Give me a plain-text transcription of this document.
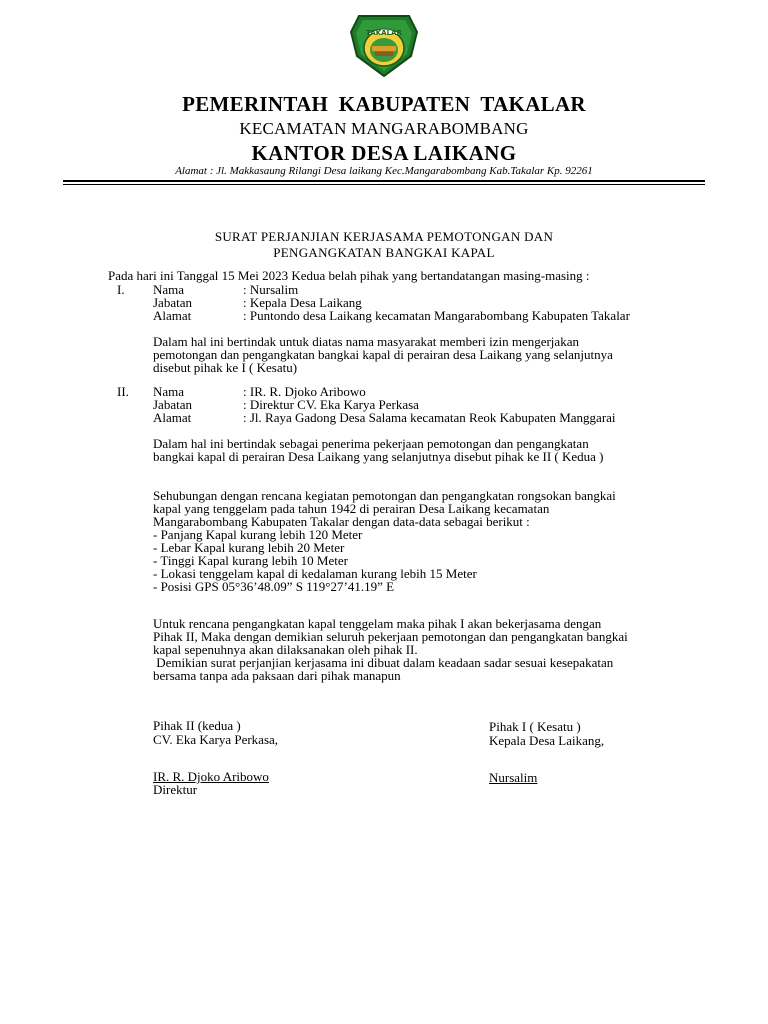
TAKALAR
PEMERINTAH KABUPATEN TAKALAR
KECAMATAN MANGARABOMBANG
KANTOR DESA LAIKANG
Alamat : Jl. Makkasaung Rilangi Desa laikang Kec.Mangarabombang Kab.Takalar Kp. 92261
SURAT PERJANJIAN KERJASAMA PEMOTONGAN DAN
PENGANGKATAN BANGKAI KAPAL
Pada hari ini Tanggal 15 Mei 2023 Kedua belah pihak yang bertandatangan masing-masing :
I. Nama	: Nursalim
Jabatan	: Kepala Desa Laikang
Alamat	: Puntondo desa Laikang kecamatan Mangarabombang Kabupaten Takalar
Dalam hal ini bertindak untuk diatas nama masyarakat memberi izin mengerjakan
pemotongan dan pengangkatan bangkai kapal di perairan desa Laikang yang selanjutnya
disebut pihak ke I ( Kesatu)
II. Nama	: IR. R. Djoko Aribowo
Jabatan	: Direktur CV. Eka Karya Perkasa
Alamat	: Jl. Raya Gadong Desa Salama kecamatan Reok Kabupaten Manggarai
Dalam hal ini bertindak sebagai penerima pekerjaan pemotongan dan pengangkatan
bangkai kapal di perairan Desa Laikang yang selanjutnya disebut pihak ke II ( Kedua )
Sehubungan dengan rencana kegiatan pemotongan dan pengangkatan rongsokan bangkai
kapal yang tenggelam pada tahun 1942 di perairan Desa Laikang kecamatan
Mangarabombang Kabupaten Takalar dengan data-data sebagai berikut :
- Panjang Kapal kurang lebih 120 Meter
- Lebar Kapal kurang lebih 20 Meter
- Tinggi Kapal kurang lebih 10 Meter
- Lokasi tenggelam kapal di kedalaman kurang lebih 15 Meter
- Posisi GPS 05°36’48.09” S 119°27’41.19” E
Untuk rencana pengangkatan kapal tenggelam maka pihak I akan bekerjasama dengan
Pihak II, Maka dengan demikian seluruh pekerjaan pemotongan dan pengangkatan bangkai
kapal sepenuhnya akan dilaksanakan oleh pihak II.
Demikian surat perjanjian kerjasama ini dibuat dalam keadaan sadar sesuai kesepakatan
bersama tanpa ada paksaan dari pihak manapun
Pihak II (kedua )
CV. Eka Karya Perkasa,
IR. R. Djoko Aribowo
Direktur
Pihak I ( Kesatu )
Kepala Desa Laikang,
Nursalim
